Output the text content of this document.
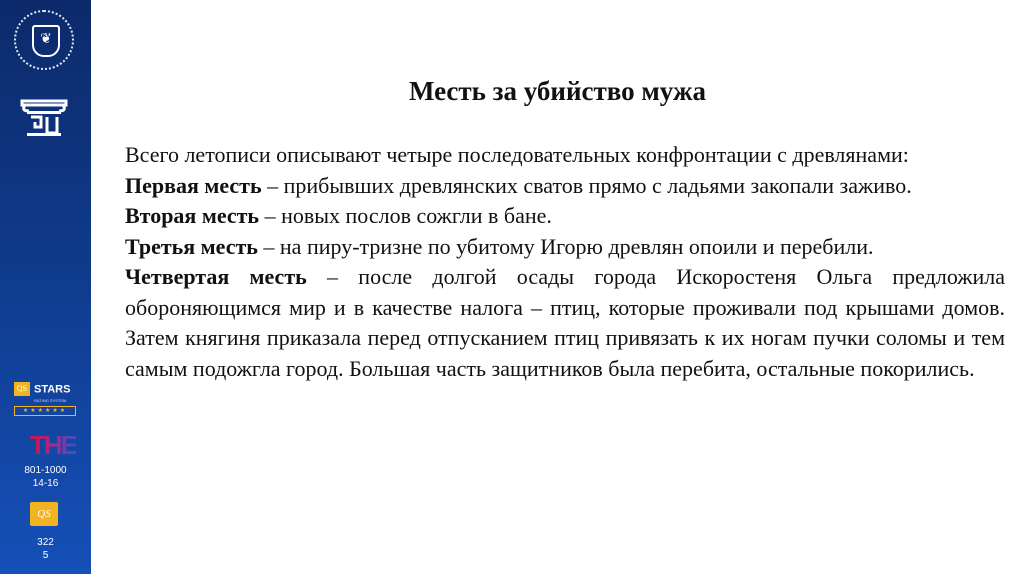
❦
QS STARS
RATING SYSTEM
★★★★★★
THE
801-1000
14-16
QS
322
5
Месть за убийство мужа

Всего летописи описывают четыре последовательных конфронтации с древлянами:

Первая месть – прибывших древлянских сватов прямо с ладьями закопали заживо.

Вторая месть – новых послов сожгли в бане.

Третья месть – на пиру-тризне по убитому Игорю древлян опоили и перебили.

Четвертая месть – после долгой осады города Искоростеня Ольга предложила обороняющимся мир и в качестве налога – птиц, которые проживали под крышами домов. Затем княгиня приказала перед отпусканием птиц привязать к их ногам пучки соломы и тем самым подожгла город. Большая часть защитников была перебита, остальные покорились.
